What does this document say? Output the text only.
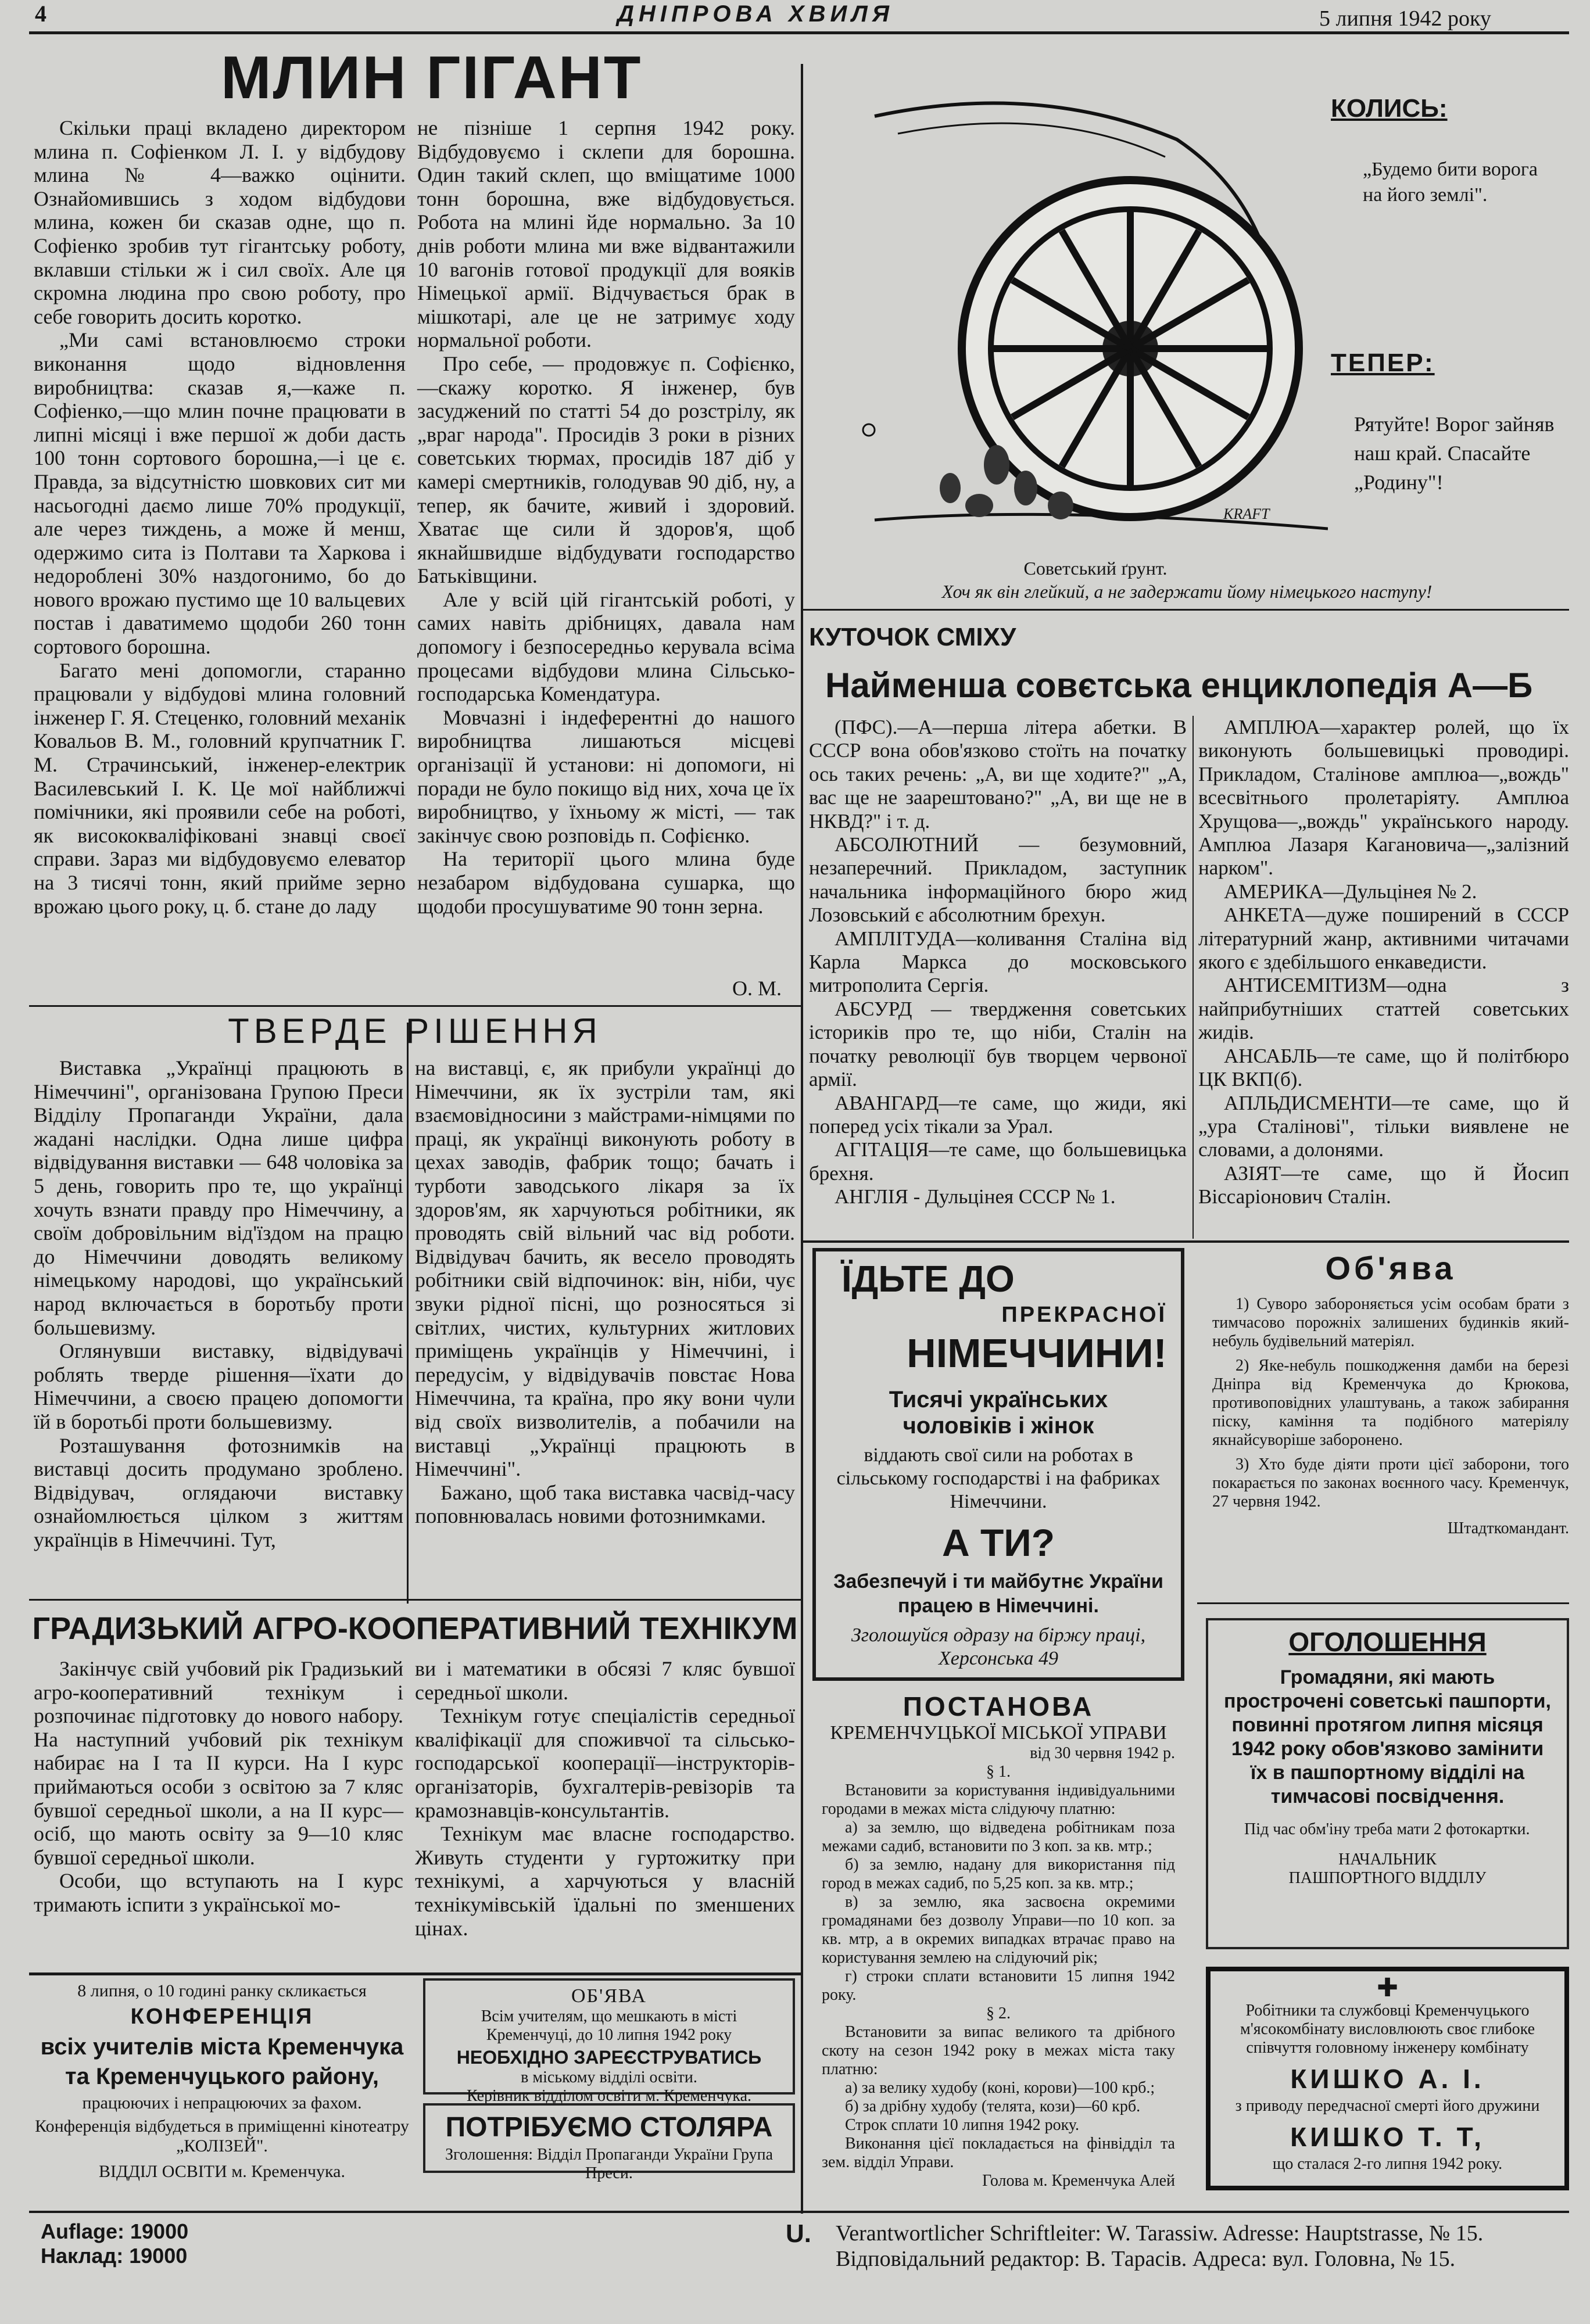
4	ДНІПРОВА ХВИЛЯ	5 липня 1942 року
МЛИН ГІГАНТ

Скільки праці вкладено директором млина п. Софіенком Л. І. у відбудову млина № 4—важко оцінити. Ознайомившись з ходом відбудови млина, кожен би сказав одне, що п. Софіенко зробив тут гігантську роботу, вклавши стільки ж і сил своїх. Але ця скромна людина про свою роботу, про себе говорить досить коротко.

„Ми самі встановлюємо строки виконання щодо відновлення виробництва: сказав я,—каже п. Софіенко,—що млин почне працювати в липні місяці і вже першої ж доби дасть 100 тонн сортового борошна,—і це є. Правда, за відсутністю шовкових сит ми насьогодні даємо лише 70% продукції, але через тиждень, а може й менш, одержимо сита із Полтави та Харкова і недоробленi 30% наздогонимо, бо до нового врожаю пустимо ще 10 вальцевих постав і даватимемо щодоби 260 тонн сортового борошна.

Багато мені допомогли, старанно працювали у відбудові млина головний інженер Г. Я. Стеценко, головний механік Ковальов В. М., головний крупчатник Г. М. Страчинський, інженер-електрик Василевський І. К. Це мої найближчі помічники, які проявили себе на роботі, як висококваліфіковані знавці своєї справи. Зараз ми відбудовуємо елеватор на 3 тисячі тонн, який прийме зерно врожаю цього року, ц. б. стане до ладу

не пізніше 1 серпня 1942 року. Відбудовуємо і склепи для борошна. Один такий склеп, що вміщатиме 1000 тонн борошна, вже відбудовується. Робота на млині йде нормально. За 10 днів роботи млина ми вже відвантажили 10 вагонів готової продукції для вояків Німецької армії. Відчувається брак в мішкотарі, але це не затримує ходу нормальної роботи.

Про себе, — продовжує п. Софієнко, —скажу коротко. Я інженер, був засуджений по статті 54 до розстрілу, як „враг народа". Просидів 3 роки в різних советських тюрмах, просидів 187 діб у камері смертників, голодував 90 діб, ну, а тепер, як бачите, живий і здоровий. Хватає ще сили й здоров'я, щоб якнайшвидше відбудувати господарство Батьківщини.

Але у всій цій гігантській роботі, у самих навіть дрібницях, давала нам допомогу і безпосередньо керувала всіма процесами відбудови млина Сільсько-господарська Комендатура.

Мовчазні і індеферентні до нашого виробництва лишаються місцеві організації й установи: ні допомоги, ні поради не було покищо від них, хоча це їх виробництво, у їхньому ж місті, — так закінчує свою розповідь п. Софієнко.

На території цього млина буде незабаром відбудована сушарка, що щодоби просушуватиме 90 тонн зерна.

О. М.
ТВЕРДЕ РІШЕННЯ

Виставка „Українці працюють в Німеччині", організована Групою Преси Відділу Пропаганди України, дала жадані наслідки. Одна лише цифра відвідування виставки — 648 чоловіка за 5 день, говорить про те, що українці хочуть взнати правду про Німеччину, а своїм добровільним від'їздом на працю до Німеччини доводять великому німецькому народові, що український народ включається в боротьбу проти большевизму.

Оглянувши виставку, відвідувачі роблять тверде рішення—їхати до Німеччини, а своєю працею допомогти їй в боротьбі проти большевизму.

Розташування фотознимків на виставці досить продумано зроблено. Відвідувач, оглядаючи виставку ознайомлюється цілком з життям українців в Німеччині. Тут,

на виставці, є, як прибули українці до Німеччини, як їх зустріли там, які взаємовідносини з майстрами-німцями по праці, як українці виконують роботу в цехах заводів, фабрик тощо; бачать і турботи заводського лікаря за їх здоров'ям, як харчуються робітники, як проводять свій вільний час від роботи. Відвідувач бачить, як весело проводять робітники свій відпочинок: він, ніби, чує звуки рідної пісні, що розносяться зі світлих, чистих, культурних житлових приміщень українців у Німеччині, і передусім, у відвідувачів повстає Нова Німеччина, та країна, про яку вони чули від своїх визволителів, а побачили на виставці „Українці працюють в Німеччині".

Бажано, щоб така виставка часвід-часу поповнювалась новими фотознимками.

ГРАДИЗЬКИЙ АГРО-КООПЕРАТИВНИЙ ТЕХНІКУМ

Закінчує свій учбовий рік Градизький агро-кооперативний технікум і розпочинає підготовку до нового набору. На наступний учбовий рік технікум набирає на І та ІІ курси. На І курс приймаються особи з освітою за 7 кляс бувшої середньої школи, а на ІІ курс—осіб, що мають освіту за 9—10 кляс бувшої середньої школи.

Особи, що вступають на І курс тримають іспити з української мо-

ви і математики в обсязі 7 кляс бувшої середньої школи.

Технікум готує спеціалістів середньої кваліфікації для споживчої та сільсько-господарської кооперації—інструкторів-організаторів, бухгалтерів-ревізорів та крамознавців-консультантів.

Технікум має власне господарство. Живуть студенти у гуртожитку при технікумі, а харчуються у власній технікумівській їдальні по зменшених цінах.

8 липня, о 10 годині ранку скликається
КОНФЕРЕНЦІЯ
всіх учителів міста Кременчука
та Кременчуцького району,
працюючих і непрацюючих за фахом.
Конференція відбудеться в приміщенні кінотеатру „КОЛІЗЕЙ".
ВІДДІЛ ОСВІТИ м. Кременчука.
ОБ'ЯВА
Всім учителям, що мешкають в місті Кременчуці, до 10 липня 1942 року
НЕОБХІДНО ЗАРЕЄСТРУВАТИСЬ
в міському відділі освіти.
Керівник відділом освіти м. Кременчука.
ПОТРІБУЄМО СТОЛЯРА
Зголошення: Відділ Пропаганди України Група Преси.
KRAFT
КОЛИСЬ:
„Будемо бити ворога на його землі".
ТЕПЕР:
Рятуйте! Ворог зайняв наш край. Спасайте „Родину"!
Советський ґрунт.
Хоч як він глейкий, а не задержати йому німецького наступу!
КУТОЧОК СМІХУ
Найменша совєтська енциклопедія А—Б

(ПФС).—А—перша літера абетки. В СССР вона обов'язково стоїть на початку ось таких речень: „А, ви ще ходите?" „А, вас ще не заарештовано?" „А, ви ще не в НКВД?" і т. д.

АБСОЛЮТНИЙ — безумовний, незаперечний. Прикладом, заступник начальника інформаційного бюро жид Лозовський є абсолютним брехун.

АМПЛІТУДА—коливання Сталіна від Карла Маркса до московського митрополита Сергія.

АБСУРД — твердження советських істориків про те, що ніби, Сталін на початку революції був творцем червоної армії.

АВАНГАРД—те саме, що жиди, які поперед усіх тікали за Урал.

АГІТАЦІЯ—те саме, що большевицька брехня.

АНГЛІЯ - Дульцінея СССР № 1.

АМПЛЮА—характер ролей, що їх виконують большевицькі проводирі. Прикладом, Сталінове амплюа—„вождь" всесвітнього пролетаріяту. Амплюа Хрущова—„вождь" українського народу. Амплюа Лазаря Кагановича—„залізний нарком".

АМЕРИКА—Дульцінея № 2.

АНКЕТА—дуже поширений в СССР літературний жанр, активними читачами якого є здебільшого енкаведисти.

АНТИСЕМІТИЗМ—одна з найприбутніших статтей советських жидів.

АНСАБЛЬ—те саме, що й політбюро ЦК ВКП(б).

АПЛЬДИСМЕНТИ—те саме, що й „ура Сталінові", тільки виявлене не словами, а долонями.

АЗІЯТ—те саме, що й Йосип Віссаріонович Сталін.

ЇДЬТЕ ДО
ПРЕКРАСНОЇ
НІМЕЧЧИНИ!
Тисячі українських
чоловіків і жінок
віддають свої сили на роботах в сільському господарстві і на фабриках Німеччини.
А ТИ?
Забезпечуй і ти майбутнє України працею в Німеччині.
Зголошуйся одразу на біржу праці, Херсонська 49
Об'ява
1) Суворо забороняється усім особам брати з тимчасово порожніх залишених будинків який-небуль будівельний матеріял.
2) Яке-небуль пошкодження дамби на березі Дніпра від Кременчука до Крюкова, противоповідних улаштувань, а також забирання піску, каміння та подібного матеріялу якнайсуворіше заборонено.
3) Хто буде діяти проти цієї заборони, того покарається по законах воєнного часу. Кременчук, 27 червня 1942.
Штадткомандант.
ПОСТАНОВА
КРЕМЕНЧУЦЬКОЇ МІСЬКОЇ УПРАВИ
від 30 червня 1942 р.
§ 1.
Встановити за користування індивідуальними городами в межах міста слідуючу платню:
а) за землю, що відведена робітникам поза межами садиб, встановити по 3 коп. за кв. мтр.;
б) за землю, надану для використання під город в межах садиб, по 5,25 коп. за кв. мтр.;
в) за землю, яка засвоєна окремими громадянами без дозволу Управи—по 10 коп. за кв. мтр, а в окремих випадках втрачає право на користування землею на слідуючий рік;
г) строки сплати встановити 15 липня 1942 року.
§ 2.
Встановити за випас великого та дрібного скоту на сезон 1942 року в межах міста таку платню:
а) за велику худобу (коні, корови)—100 крб.;
б) за дрібну худобу (телята, кози)—60 крб.
Строк сплати 10 липня 1942 року.
Виконання цієї покладається на фінвідділ та зем. відділ Управи.
Голова м. Кременчука Алей
ОГОЛОШЕННЯ
Громадяни, які мають прострочені советські пашпорти, повинні протягом липня місяця 1942 року обов'язково замінити їх в пашпортному відділі на тимчасові посвідчення.
Під час обм'іну треба мати 2 фотокартки.
НАЧАЛЬНИК
ПАШПОРТНОГО ВІДДІЛУ
✚
Робітники та службовці Кременчуцького м'ясокомбінату висловлюють своє глибоке співчуття головному інженеру комбінату
КИШКО А. І.
з приводу передчасної смерті його дружини
КИШКО Т. Т,
що сталася 2-го липня 1942 року.
Auflage: 19000
Наклад: 19000
U. Verantwortlicher Schriftleiter: W. Tarassiw. Adresse: Hauptstrasse, № 15.
Відповідальний редактор: В. Тарасів. Адреса: вул. Головна, № 15.
